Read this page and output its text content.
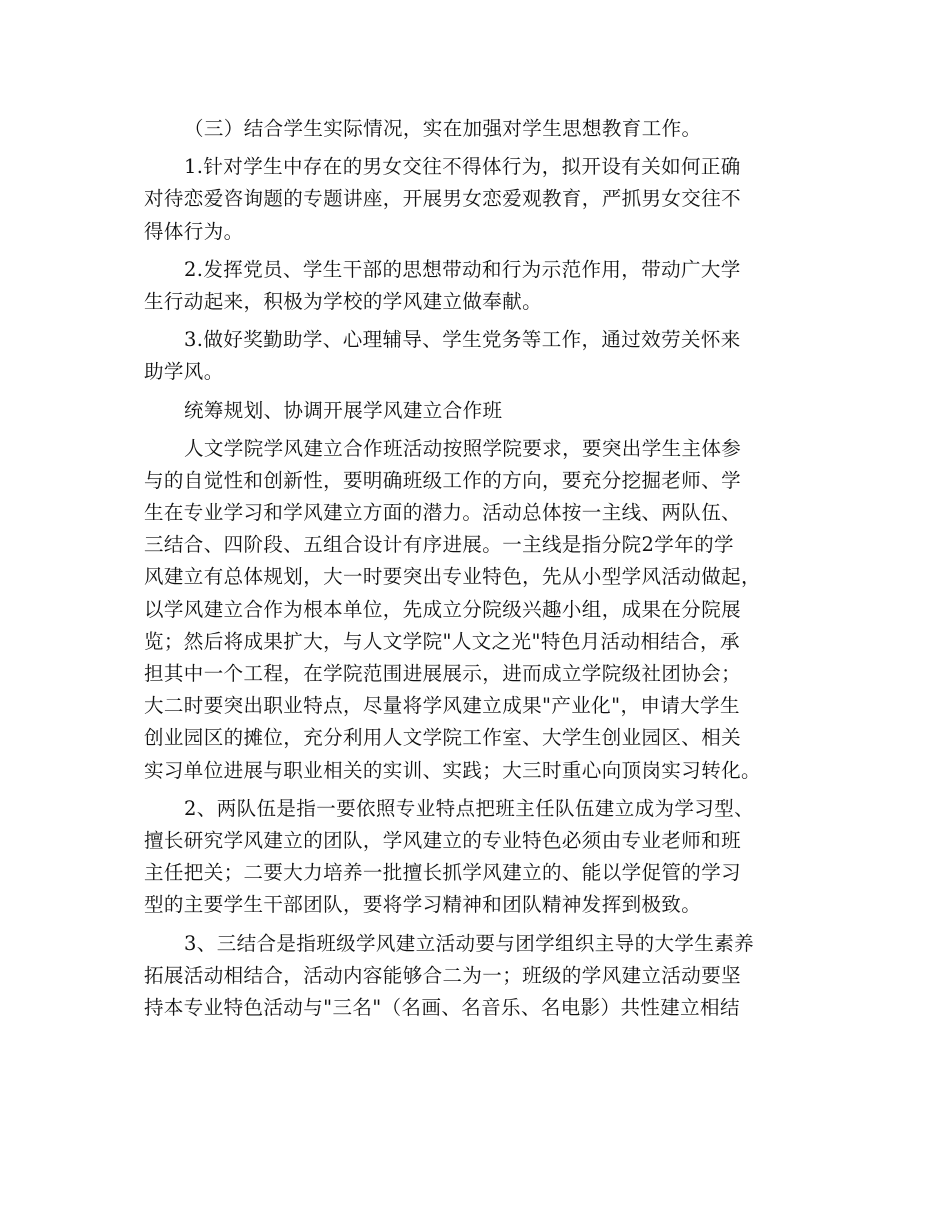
（三）结合学生实际情况，实在加强对学生思想教育工作。
1.针对学生中存在的男女交往不得体行为，拟开设有关如何正确
对待恋爱咨询题的专题讲座，开展男女恋爱观教育，严抓男女交往不
得体行为。
2.发挥党员、学生干部的思想带动和行为示范作用，带动广大学
生行动起来，积极为学校的学风建立做奉献。
3.做好奖勤助学、心理辅导、学生党务等工作，通过效劳关怀来
助学风。
统筹规划、协调开展学风建立合作班
人文学院学风建立合作班活动按照学院要求，要突出学生主体参
与的自觉性和创新性，要明确班级工作的方向，要充分挖掘老师、学
生在专业学习和学风建立方面的潜力。活动总体按一主线、两队伍、
三结合、四阶段、五组合设计有序进展。一主线是指分院2学年的学
风建立有总体规划，大一时要突出专业特色，先从小型学风活动做起，
以学风建立合作为根本单位，先成立分院级兴趣小组，成果在分院展
览；然后将成果扩大，与人文学院"人文之光"特色月活动相结合，承
担其中一个工程，在学院范围进展展示，进而成立学院级社团协会；
大二时要突出职业特点，尽量将学风建立成果"产业化"，申请大学生
创业园区的摊位，充分利用人文学院工作室、大学生创业园区、相关
实习单位进展与职业相关的实训、实践；大三时重心向顶岗实习转化。
2、两队伍是指一要依照专业特点把班主任队伍建立成为学习型、
擅长研究学风建立的团队，学风建立的专业特色必须由专业老师和班
主任把关；二要大力培养一批擅长抓学风建立的、能以学促管的学习
型的主要学生干部团队，要将学习精神和团队精神发挥到极致。
3、三结合是指班级学风建立活动要与团学组织主导的大学生素养
拓展活动相结合，活动内容能够合二为一；班级的学风建立活动要坚
持本专业特色活动与"三名"（名画、名音乐、名电影）共性建立相结
